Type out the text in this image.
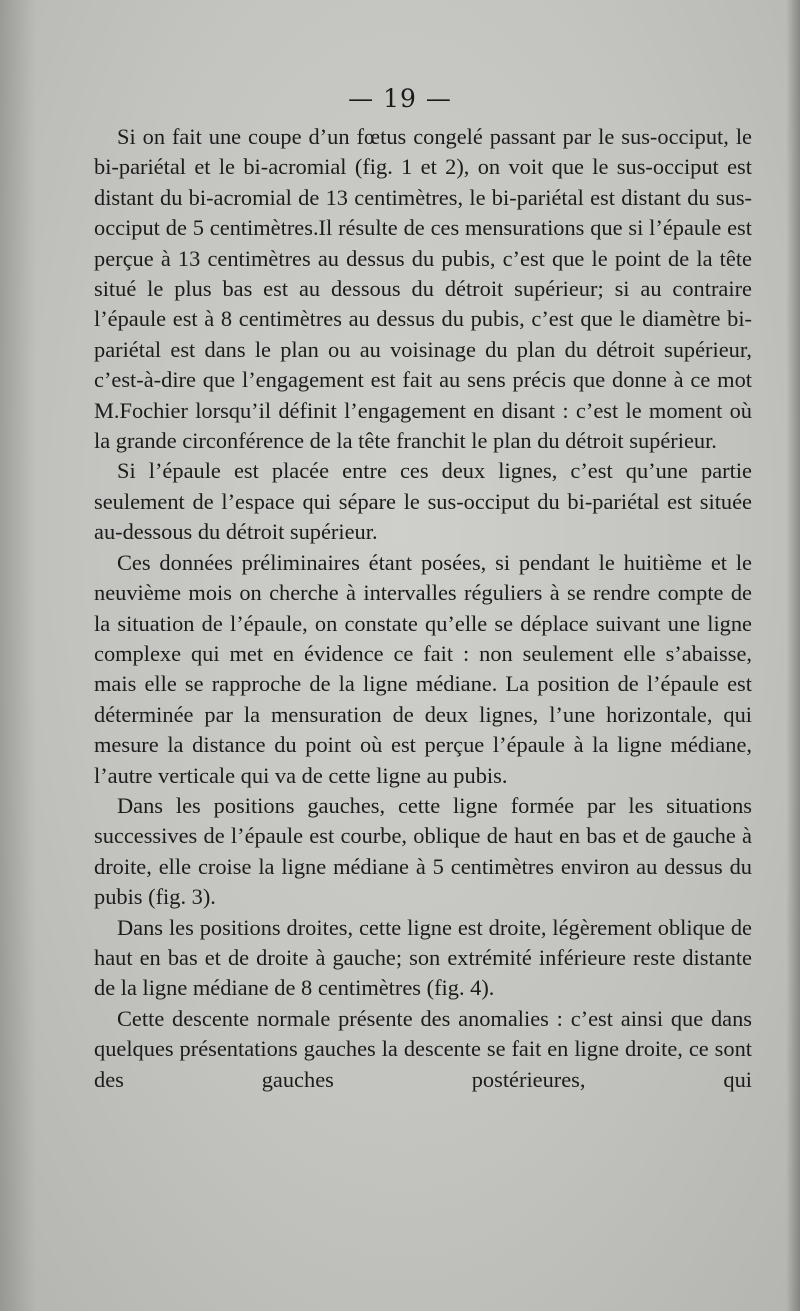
— 19 —

Si on fait une coupe d’un fœtus congelé passant par le sus-occiput, le bi-pariétal et le bi-acromial (fig. 1 et 2), on voit que le sus-occiput est distant du bi-acromial de 13 centimètres, le bi-pariétal est distant du sus-occiput de 5 centimètres.Il résulte de ces mensurations que si l’épaule est perçue à 13 centimètres au dessus du pubis, c’est que le point de la tête situé le plus bas est au dessous du détroit supérieur; si au contraire l’épaule est à 8 centimètres au dessus du pubis, c’est que le diamètre bi-pariétal est dans le plan ou au voisinage du plan du détroit supérieur, c’est-à-dire que l’engagement est fait au sens précis que donne à ce mot M.Fochier lorsqu’il définit l’engagement en disant : c’est le moment où la grande circonférence de la tête franchit le plan du détroit supérieur.

Si l’épaule est placée entre ces deux lignes, c’est qu’une partie seulement de l’espace qui sépare le sus-occiput du bi-pariétal est située au-dessous du détroit supérieur.

Ces données préliminaires étant posées, si pendant le huitième et le neuvième mois on cherche à intervalles réguliers à se rendre compte de la situation de l’épaule, on constate qu’elle se déplace suivant une ligne complexe qui met en évidence ce fait : non seulement elle s’abaisse, mais elle se rapproche de la ligne médiane. La position de l’épaule est déterminée par la mensuration de deux lignes, l’une horizontale, qui mesure la distance du point où est perçue l’épaule à la ligne médiane, l’autre verticale qui va de cette ligne au pubis.

Dans les positions gauches, cette ligne formée par les situations successives de l’épaule est courbe, oblique de haut en bas et de gauche à droite, elle croise la ligne médiane à 5 centimètres environ au dessus du pubis (fig. 3).

Dans les positions droites, cette ligne est droite, légèrement oblique de haut en bas et de droite à gauche; son extrémité inférieure reste distante de la ligne médiane de 8 centimètres (fig. 4).

Cette descente normale présente des anomalies : c’est ainsi que dans quelques présentations gauches la descente se fait en ligne droite, ce sont des gauches postérieures, qui
